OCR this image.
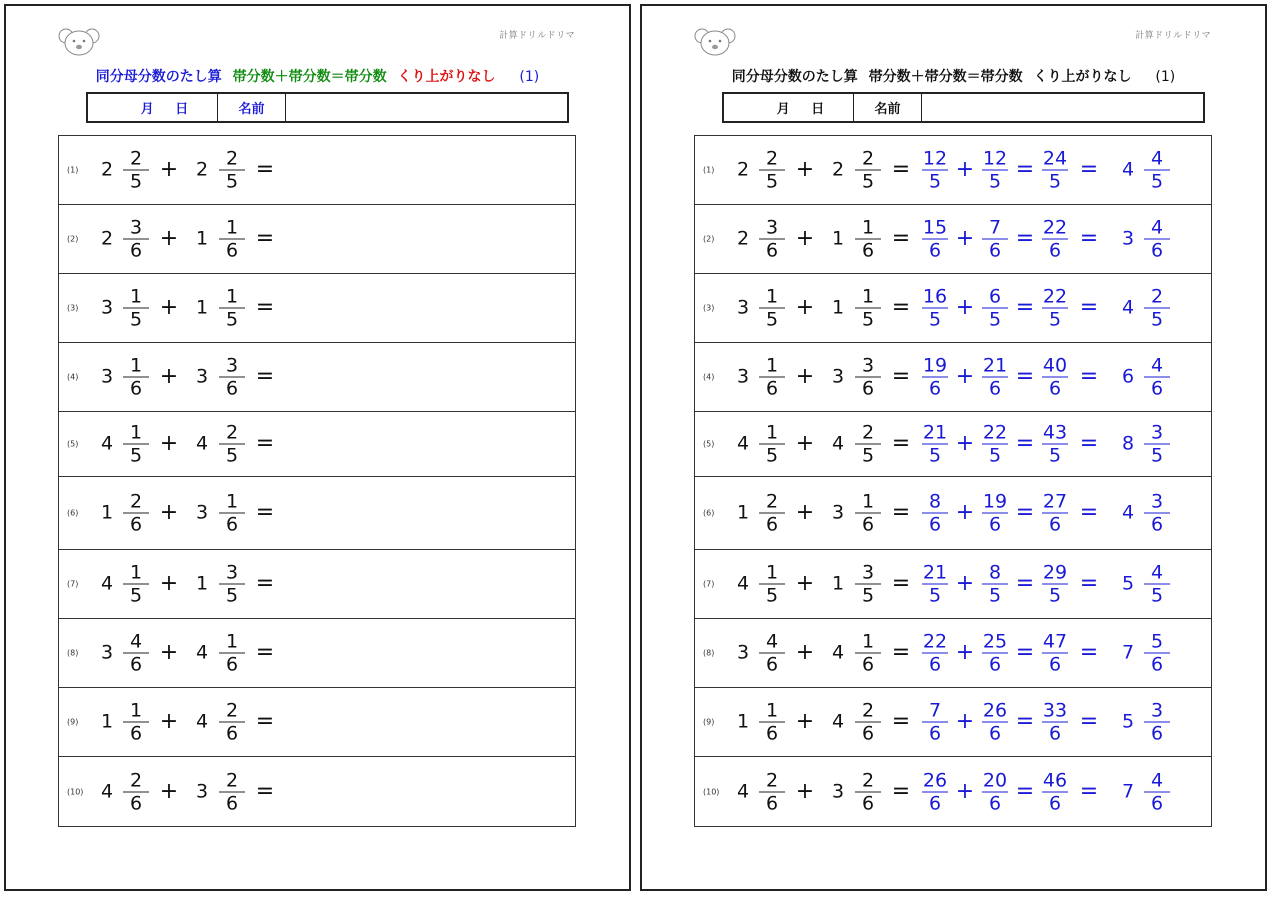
計算ドリルドリマ
同分母分数のたし算 帯分数＋帯分数＝帯分数 くり上がりなし (1)
月 日	名前
(1) 2 2
5 + 2 2
5 =
(2) 2 3
6 + 1 1
6 =
(3) 3 1
5 + 1 1
5 =
(4) 3 1
6 + 3 3
6 =
(5) 4 1
5 + 4 2
5 =
(6) 1 2
6 + 3 1
6 =
(7) 4 1
5 + 1 3
5 =
(8) 3 4
6 + 4 1
6 =
(9) 1 1
6 + 4 2
6 =
(10) 4 2
6 + 3 2
6 =
計算ドリルドリマ
同分母分数のたし算 帯分数＋帯分数＝帯分数 くり上がりなし (1)
月 日	名前
(1) 2 2
5 + 2 2
5 = 12
5 + 12
5 = 24
5 = 4 4
5
(2) 2 3
6 + 1 1
6 = 15
6 + 7
6 = 22
6 = 3 4
6
(3) 3 1
5 + 1 1
5 = 16
5 + 6
5 = 22
5 = 4 2
5
(4) 3 1
6 + 3 3
6 = 19
6 + 21
6 = 40
6 = 6 4
6
(5) 4 1
5 + 4 2
5 = 21
5 + 22
5 = 43
5 = 8 3
5
(6) 1 2
6 + 3 1
6 = 8
6 + 19
6 = 27
6 = 4 3
6
(7) 4 1
5 + 1 3
5 = 21
5 + 8
5 = 29
5 = 5 4
5
(8) 3 4
6 + 4 1
6 = 22
6 + 25
6 = 47
6 = 7 5
6
(9) 1 1
6 + 4 2
6 = 7
6 + 26
6 = 33
6 = 5 3
6
(10) 4 2
6 + 3 2
6 = 26
6 + 20
6 = 46
6 = 7 4
6
